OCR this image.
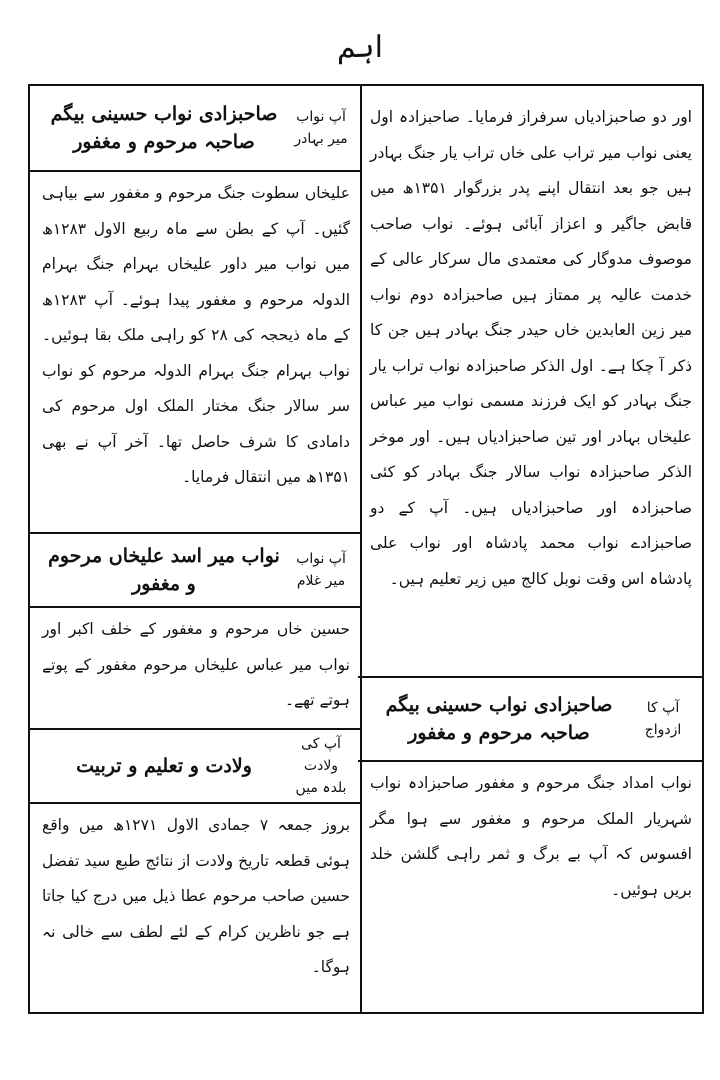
اہم
اور دو صاحبزادیاں سرفراز فرمایا۔ صاحبزادہ اول یعنی نواب میر تراب علی خاں تراب یار جنگ بہادر ہیں جو بعد انتقال اپنے پدر بزرگوار ۱۳۵۱ھ میں قابض جاگیر و اعزاز آبائی ہوئے۔ نواب صاحب موصوف مدوگار کی معتمدی مال سرکار عالی کے خدمت عالیہ پر ممتاز ہیں صاحبزادہ دوم نواب میر زین العابدین خاں حیدر جنگ بہادر ہیں جن کا ذکر آ چکا ہے۔ اول الذکر صاحبزادہ نواب تراب یار جنگ بہادر کو ایک فرزند مسمی نواب میر عباس علیخاں بہادر اور تین صاحبزادیاں ہیں۔ اور موخر الذکر صاحبزادہ نواب سالار جنگ بہادر کو کئی صاحبزادہ اور صاحبزادیاں ہیں۔ آپ کے دو صاحبزادے نواب محمد پادشاہ اور نواب علی پادشاہ اس وقت نوبل کالج میں زیر تعلیم ہیں۔
آپ کا ازدواج
صاحبزادی نواب حسینی بیگم صاحبہ مرحوم و مغفور
نواب امداد جنگ مرحوم و مغفور صاحبزادہ نواب شہریار الملک مرحوم و مغفور سے ہوا مگر افسوس کہ آپ بے برگ و ثمر راہی گلشن خلد بریں ہوئیں۔
آپ نواب میر بہادر
صاحبزادی نواب حسینی بیگم صاحبہ مرحوم و مغفور
علیخاں سطوت جنگ مرحوم و مغفور سے بیاہی گئیں۔ آپ کے بطن سے ماہ ربیع الاول ۱۲۸۳ھ میں نواب میر داور علیخاں بہرام جنگ بہرام الدولہ مرحوم و مغفور پیدا ہوئے۔ آپ ۱۲۸۳ھ کے ماہ ذیحجہ کی ۲۸ کو راہی ملک بقا ہوئیں۔ نواب بہرام جنگ بہرام الدولہ مرحوم کو نواب سر سالار جنگ مختار الملک اول مرحوم کی دامادی کا شرف حاصل تھا۔ آخر آپ نے بھی ۱۳۵۱ھ میں انتقال فرمایا۔
آپ نواب میر غلام
نواب میر اسد علیخاں مرحوم و مغفور
حسین خاں مرحوم و مغفور کے خلف اکبر اور نواب میر عباس علیخاں مرحوم مغفور کے پوتے ہوتے تھے۔
آپ کی ولادت بلدہ میں
ولادت و تعلیم و تربیت
بروز جمعہ ۷ جمادی الاول ۱۲۷۱ھ میں واقع ہوئی قطعہ تاریخ ولادت از نتائج طبع سید تفضل حسین صاحب مرحوم عطا ذیل میں درج کیا جاتا ہے جو ناظرین کرام کے لئے لطف سے خالی نہ ہوگا۔
